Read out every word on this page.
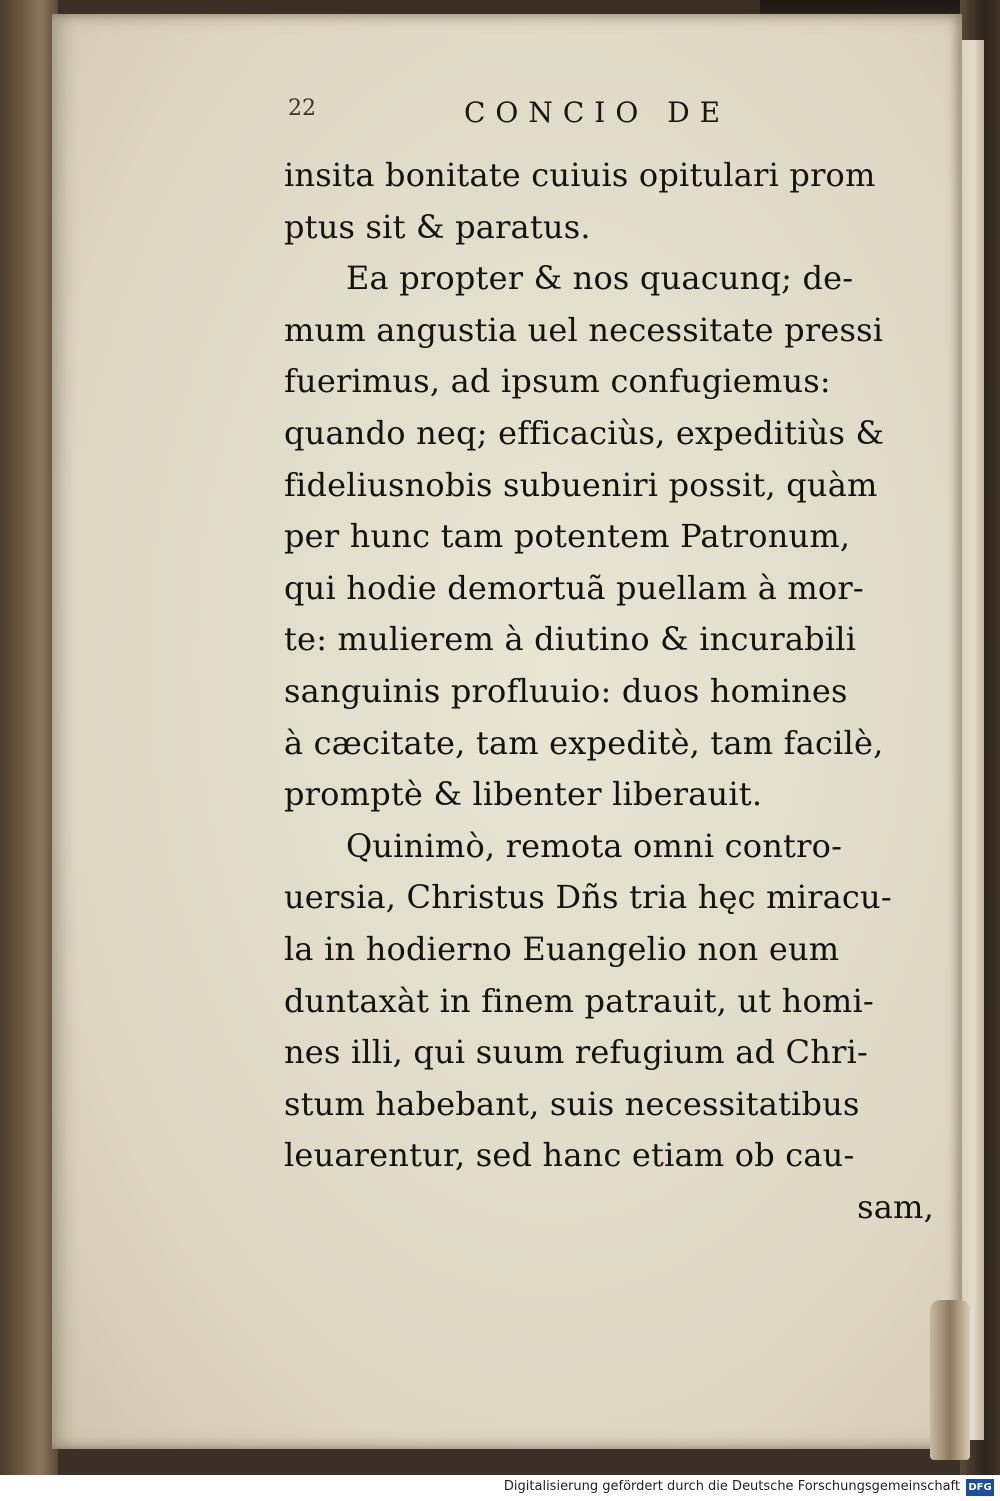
22	CONCIO DE
insita bonitate cuiuis opitulari prom
ptus sit & paratus.
Ea propter & nos quacunq; de-
mum angustia uel necessitate pressi
fuerimus, ad ipsum confugiemus:
quando neq; efficaciùs, expeditiùs &
fideliusnobis subueniri possit, quàm
per hunc tam potentem Patronum,
qui hodie demortuã puellam à mor-
te: mulierem à diutino & incurabili
sanguinis profluuio: duos homines
à cæcitate, tam expeditè, tam facilè,
promptè & libenter liberauit.
Quinimò, remota omni contro-
uersia, Christus Dñs tria hęc miracu-
la in hodierno Euangelio non eum
duntaxàt in finem patrauit, ut homi-
nes illi, qui suum refugium ad Chri-
stum habebant, suis necessitatibus
leuarentur, sed hanc etiam ob cau-
sam,
Digitalisierung gefördert durch die Deutsche Forschungsgemeinschaft DFG
